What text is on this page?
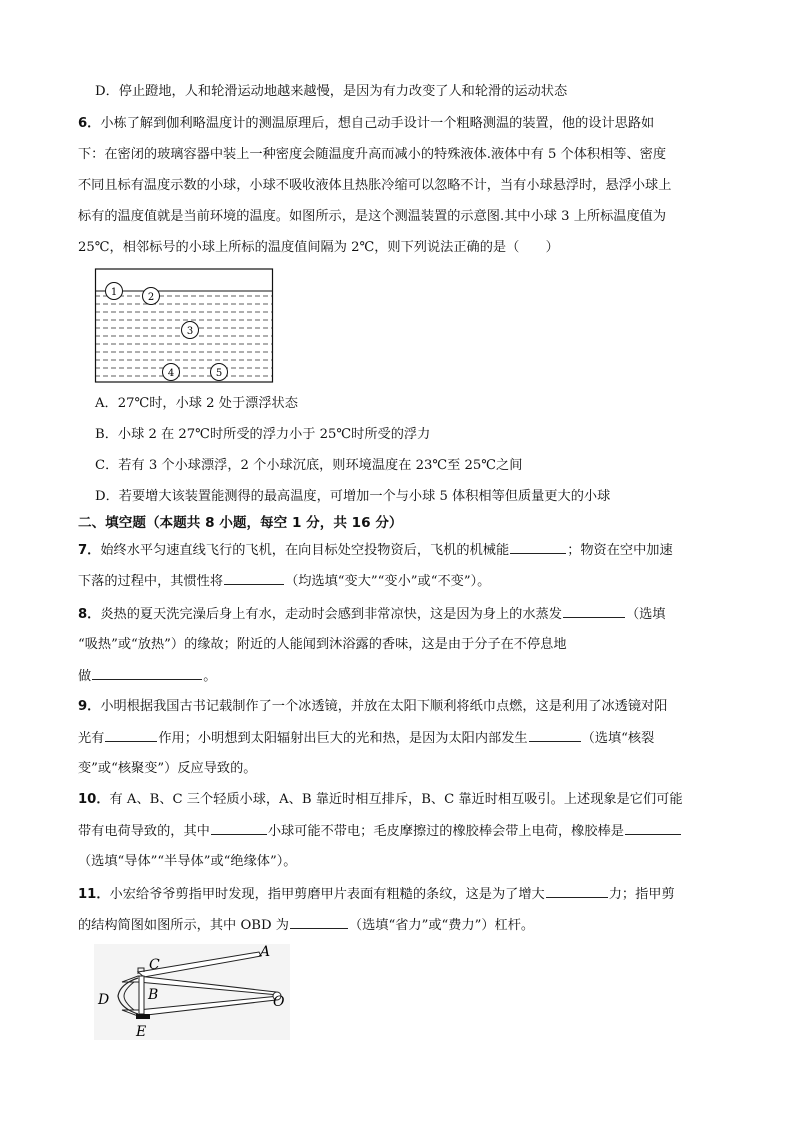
D．停止蹬地，人和轮滑运动地越来越慢，是因为有力改变了人和轮滑的运动状态
6．小栋了解到伽利略温度计的测温原理后，想自己动手设计一个粗略测温的装置，他的设计思路如
下：在密闭的玻璃容器中装上一种密度会随温度升高而减小的特殊液体.液体中有 5 个体积相等、密度
不同且标有温度示数的小球，小球不吸收液体且热胀冷缩可以忽略不计，当有小球悬浮时，悬浮小球上
标有的温度值就是当前环境的温度。如图所示，是这个测温装置的示意图.其中小球 3 上所标温度值为
25℃，相邻标号的小球上所标的温度值间隔为 2℃，则下列说法正确的是（　　）
1	2
3
4	5
A．27℃时，小球 2 处于漂浮状态
B．小球 2 在 27℃时所受的浮力小于 25℃时所受的浮力
C．若有 3 个小球漂浮，2 个小球沉底，则环境温度在 23℃至 25℃之间
D．若要增大该装置能测得的最高温度，可增加一个与小球 5 体积相等但质量更大的小球
二、填空题（本题共 8 小题，每空 1 分，共 16 分）
7．始终水平匀速直线飞行的飞机，在向目标处空投物资后，飞机的机械能	；物资在空中加速
下落的过程中，其惯性将	（均选填“变大”“变小”或“不变”）。
8．炎热的夏天洗完澡后身上有水，走动时会感到非常凉快，这是因为身上的水蒸发	（选填
“吸热”或“放热”）的缘故；附近的人能闻到沐浴露的香味，这是由于分子在不停息地
做	。
9．小明根据我国古书记载制作了一个冰透镜，并放在太阳下顺利将纸巾点燃，这是利用了冰透镜对阳
光有	作用；小明想到太阳辐射出巨大的光和热，是因为太阳内部发生	（选填“核裂
变”或“核聚变”）反应导致的。
10．有 A、B、C 三个轻质小球，A、B 靠近时相互排斥，B、C 靠近时相互吸引。上述现象是它们可能
带有电荷导致的，其中	小球可能不带电；毛皮摩擦过的橡胶棒会带上电荷，橡胶棒是
（选填“导体”“半导体”或“绝缘体”）。
11．小宏给爷爷剪指甲时发现，指甲剪磨甲片表面有粗糙的条纹，这是为了增大	力；指甲剪
的结构简图如图所示，其中 OBD 为	（选填“省力”或“费力”）杠杆。
C
A
B
D
E
O
